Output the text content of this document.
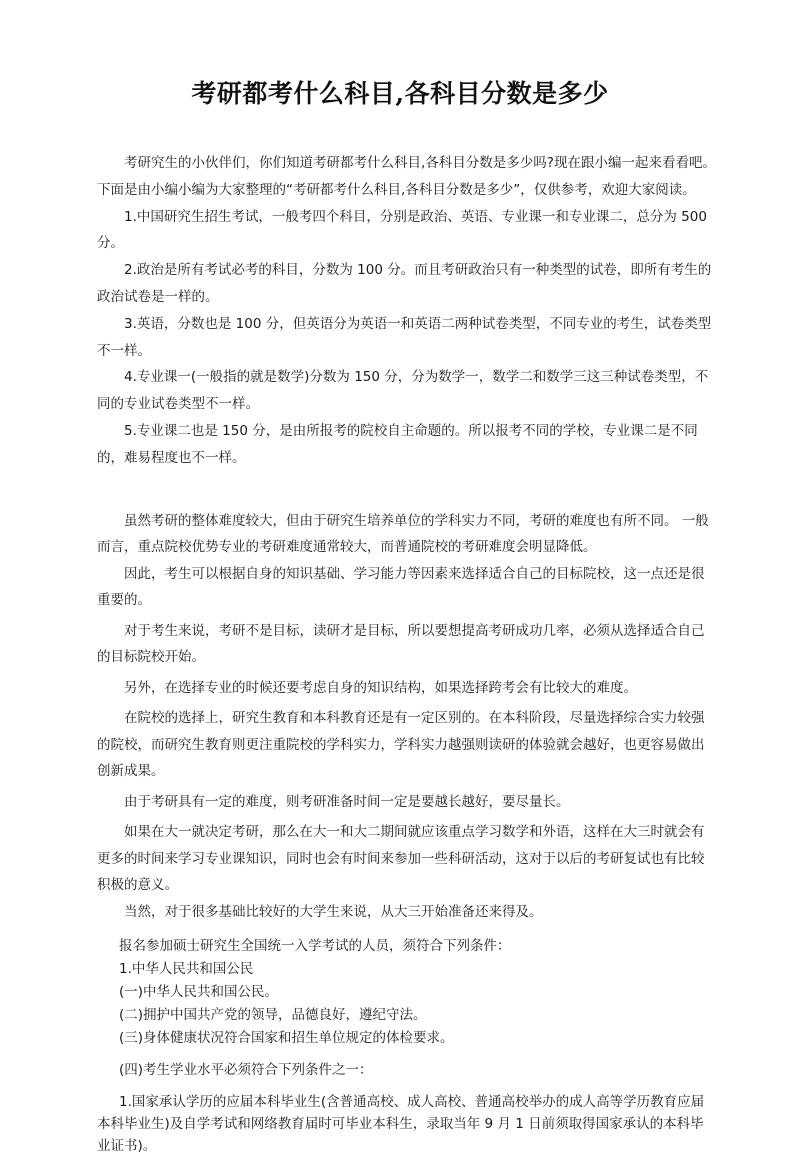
考研都考什么科目,各科目分数是多少

考研究生的小伙伴们，你们知道考研都考什么科目,各科目分数是多少吗?现在跟小编一起来看看吧。

下面是由小编小编为大家整理的“考研都考什么科目,各科目分数是多少”，仅供参考，欢迎大家阅读。

1.中国研究生招生考试，一般考四个科目，分别是政治、英语、专业课一和专业课二，总分为 500 分。

2.政治是所有考试必考的科目，分数为 100 分。而且考研政治只有一种类型的试卷，即所有考生的政治试卷是一样的。

3.英语，分数也是 100 分，但英语分为英语一和英语二两种试卷类型，不同专业的考生，试卷类型不一样。

4.专业课一(一般指的就是数学)分数为 150 分，分为数学一，数学二和数学三这三种试卷类型，不同的专业试卷类型不一样。

5.专业课二也是 150 分，是由所报考的院校自主命题的。所以报考不同的学校，专业课二是不同的，难易程度也不一样。

虽然考研的整体难度较大，但由于研究生培养单位的学科实力不同，考研的难度也有所不同。 一般而言，重点院校优势专业的考研难度通常较大，而普通院校的考研难度会明显降低。

因此，考生可以根据自身的知识基础、学习能力等因素来选择适合自己的目标院校，这一点还是很重要的。

对于考生来说，考研不是目标，读研才是目标，所以要想提高考研成功几率，必须从选择适合自己的目标院校开始。

另外，在选择专业的时候还要考虑自身的知识结构，如果选择跨考会有比较大的难度。

在院校的选择上，研究生教育和本科教育还是有一定区别的。在本科阶段，尽量选择综合实力较强的院校，而研究生教育则更注重院校的学科实力，学科实力越强则读研的体验就会越好，也更容易做出创新成果。

由于考研具有一定的难度，则考研准备时间一定是要越长越好，要尽量长。

如果在大一就决定考研，那么在大一和大二期间就应该重点学习数学和外语，这样在大三时就会有更多的时间来学习专业课知识，同时也会有时间来参加一些科研活动，这对于以后的考研复试也有比较积极的意义。

当然，对于很多基础比较好的大学生来说，从大三开始准备还来得及。

报名参加硕士研究生全国统一入学考试的人员，须符合下列条件：

1.中华人民共和国公民

(一)中华人民共和国公民。

(二)拥护中国共产党的领导，品德良好，遵纪守法。

(三)身体健康状况符合国家和招生单位规定的体检要求。

(四)考生学业水平必须符合下列条件之一：

1.国家承认学历的应届本科毕业生(含普通高校、成人高校、普通高校举办的成人高等学历教育应届本科毕业生)及自学考试和网络教育届时可毕业本科生，录取当年 9 月 1 日前须取得国家承认的本科毕业证书)。
